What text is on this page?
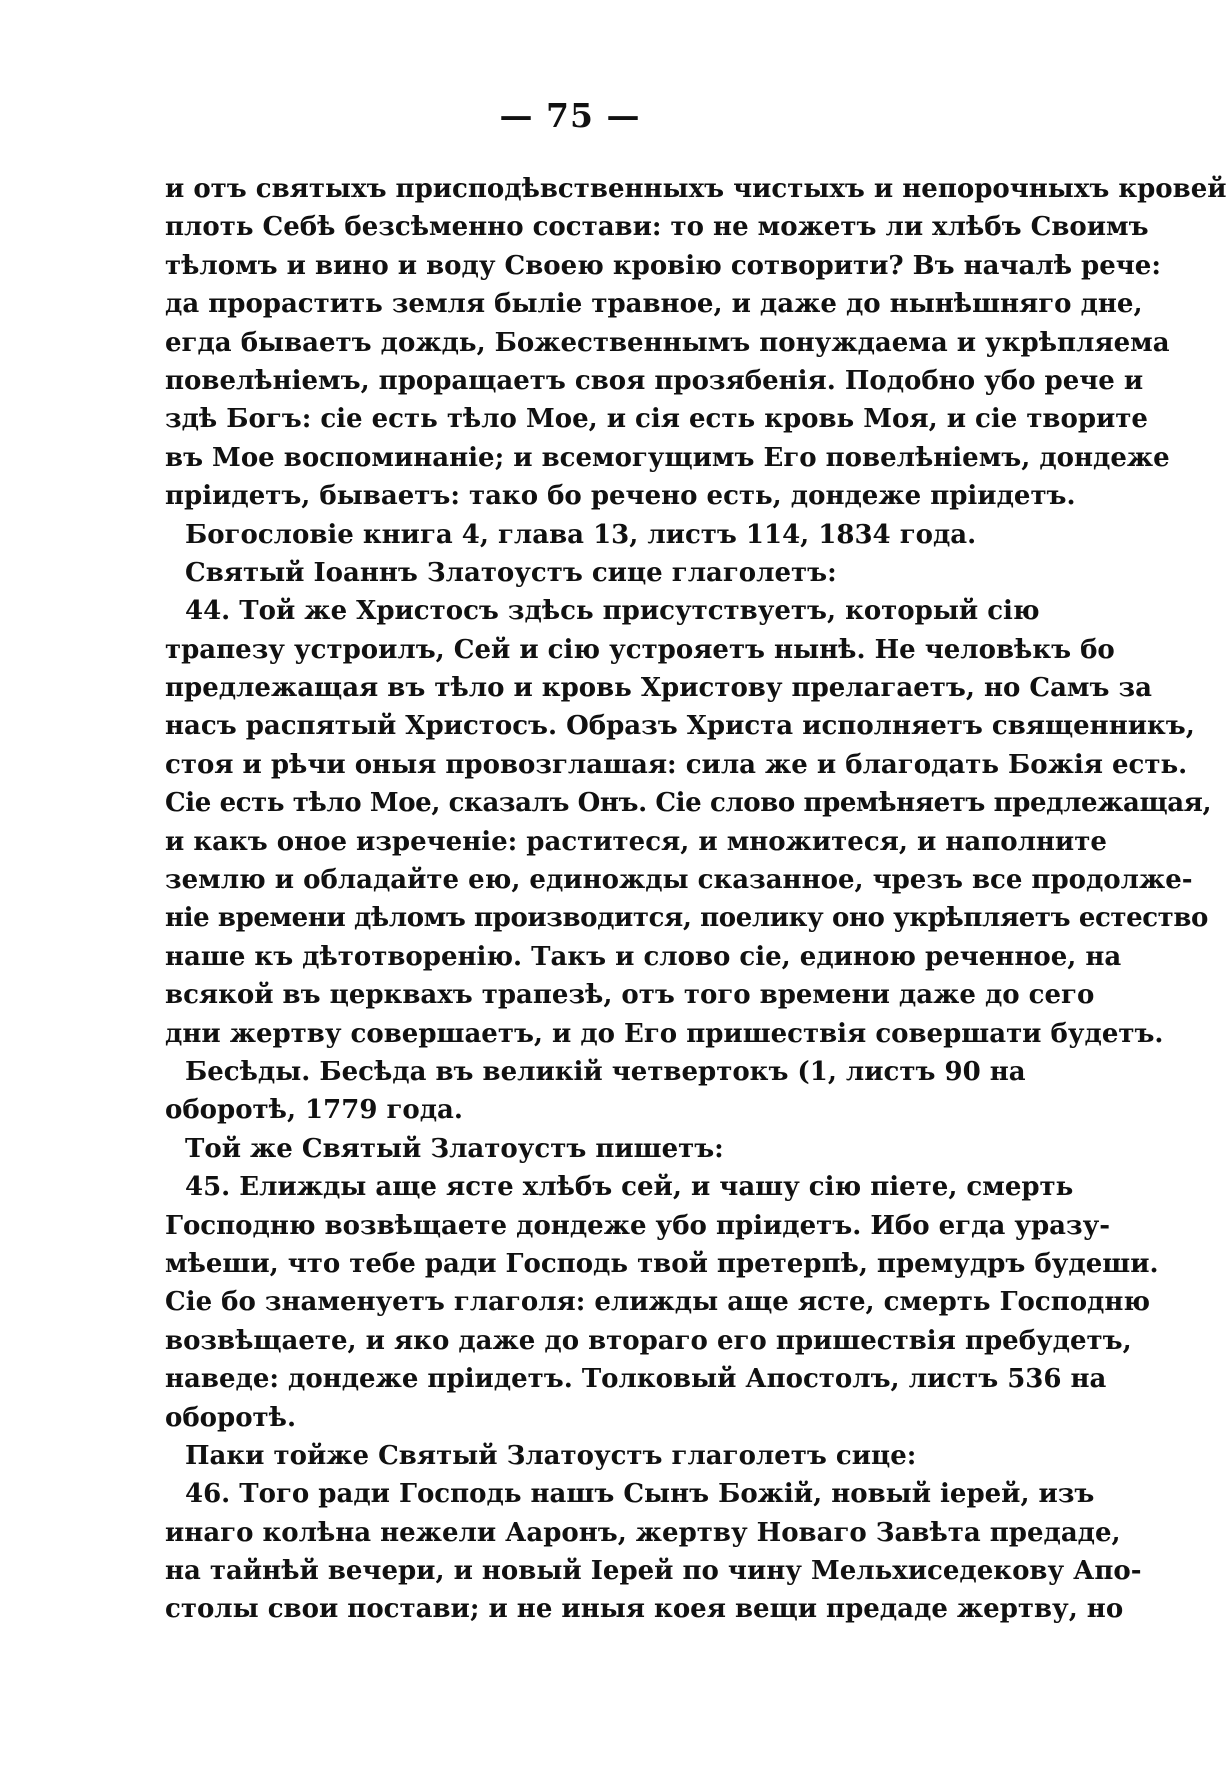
— 75 —
и отъ святыхъ присподѣвственныхъ чистыхъ и непорочныхъ кровей
плоть Себѣ безсѣменно состави: то не можетъ ли хлѣбъ Своимъ
тѣломъ и вино и воду Своею кровію сотворити? Въ началѣ рече:
да прорастить земля быліе травное, и даже до нынѣшняго дне,
егда бываетъ дождь, Божественнымъ понуждаема и укрѣпляема
повелѣніемъ, проращаетъ своя прозябенія. Подобно убо рече и
здѣ Богъ: сіе есть тѣло Мое, и сія есть кровь Моя, и сіе творите
въ Мое воспоминаніе; и всемогущимъ Его повелѣніемъ, дондеже
пріидетъ, бываетъ: тако бо речено есть, дондеже пріидетъ.
Богословіе книга 4, глава 13, листъ 114, 1834 года.
Святый Іоаннъ Златоустъ сице глаголетъ:
44. Той же Христосъ здѣсь присутствуетъ, который сію
трапезу устроилъ, Сей и сію устрояетъ нынѣ. Не человѣкъ бо
предлежащая въ тѣло и кровь Христову прелагаетъ, но Самъ за
насъ распятый Христосъ. Образъ Христа исполняетъ священникъ,
стоя и рѣчи оныя провозглашая: сила же и благодать Божія есть.
Сіе есть тѣло Мое, сказалъ Онъ. Сіе слово премѣняетъ предлежащая,
и какъ оное изреченіе: раститеся, и множитеся, и наполните
землю и обладайте ею, единожды сказанное, чрезъ все продолже-
ніе времени дѣломъ производится, поелику оно укрѣпляетъ естество
наше къ дѣтотворенію. Такъ и слово сіе, единою реченное, на
всякой въ церквахъ трапезѣ, отъ того времени даже до сего
дни жертву совершаетъ, и до Его пришествія совершати будетъ.
Бесѣды. Бесѣда въ великій четвертокъ (1, листъ 90 на
оборотѣ, 1779 года.
Той же Святый Златоустъ пишетъ:
45. Елижды аще ясте хлѣбъ сей, и чашу сію піете, смерть
Господню возвѣщаете дондеже убо пріидетъ. Ибо егда уразу-
мѣеши, что тебе ради Господь твой претерпѣ, премудръ будеши.
Сіе бо знаменуетъ глаголя: елижды аще ясте, смерть Господню
возвѣщаете, и яко даже до втораго его пришествія пребудетъ,
наведе: дондеже пріидетъ. Толковый Апостолъ, листъ 536 на
оборотѣ.
Паки тойже Святый Златоустъ глаголетъ сице:
46. Того ради Господь нашъ Сынъ Божій, новый іерей, изъ
инаго колѣна нежели Ааронъ, жертву Новаго Завѣта предаде,
на тайнѣй вечери, и новый Іерей по чину Мельхиседекову Апо-
столы свои постави; и не иныя коея вещи предаде жертву, но
